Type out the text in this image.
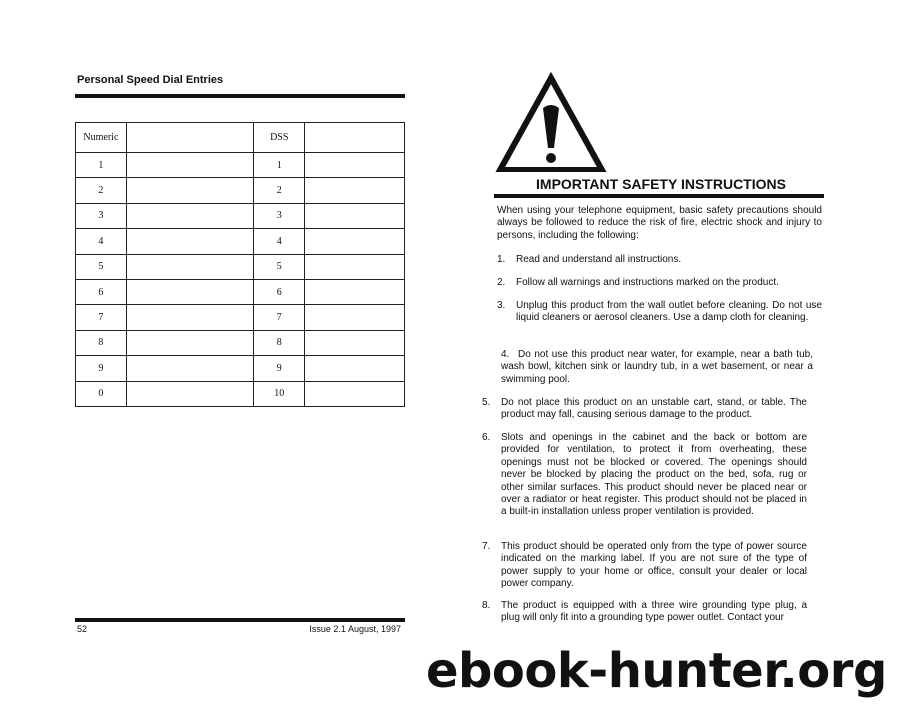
Personal Speed Dial Entries
Numeric		DSS	
1		1	
2		2	
3		3	
4		4	
5		5	
6		6	
7		7	
8		8	
9		9	
0		10	
52	Issue 2.1 August, 1997
IMPORTANT SAFETY INSTRUCTIONS
When using your telephone equipment, basic safety precautions should always be followed to reduce the risk of fire, electric shock and injury to persons, including the following:
1.	Read and understand all instructions.
2.	Follow all warnings and instructions marked on the product.
3.	Unplug this product from the wall outlet before cleaning. Do not use liquid cleaners or aerosol cleaners. Use a damp cloth for cleaning.
4. Do not use this product near water, for example, near a bath tub, wash bowl, kitchen sink or laundry tub, in a wet basement, or near a swimming pool.
5.	Do not place this product on an unstable cart, stand, or table. The product may fall, causing serious damage to the product.
6.	Slots and openings in the cabinet and the back or bottom are provided for ventilation, to protect it from overheating, these openings must not be blocked or covered. The openings should never be blocked by placing the product on the bed, sofa, rug or other similar surfaces. This product should never be placed near or over a radiator or heat register. This product should not be placed in a built-in installation unless proper ventilation is provided.
7.	This product should be operated only from the type of power source indicated on the marking label. If you are not sure of the type of power supply to your home or office, consult your dealer or local power company.
8.	The product is equipped with a three wire grounding type plug, a plug will only fit into a grounding type power outlet. Contact your
ebook-hunter.org
